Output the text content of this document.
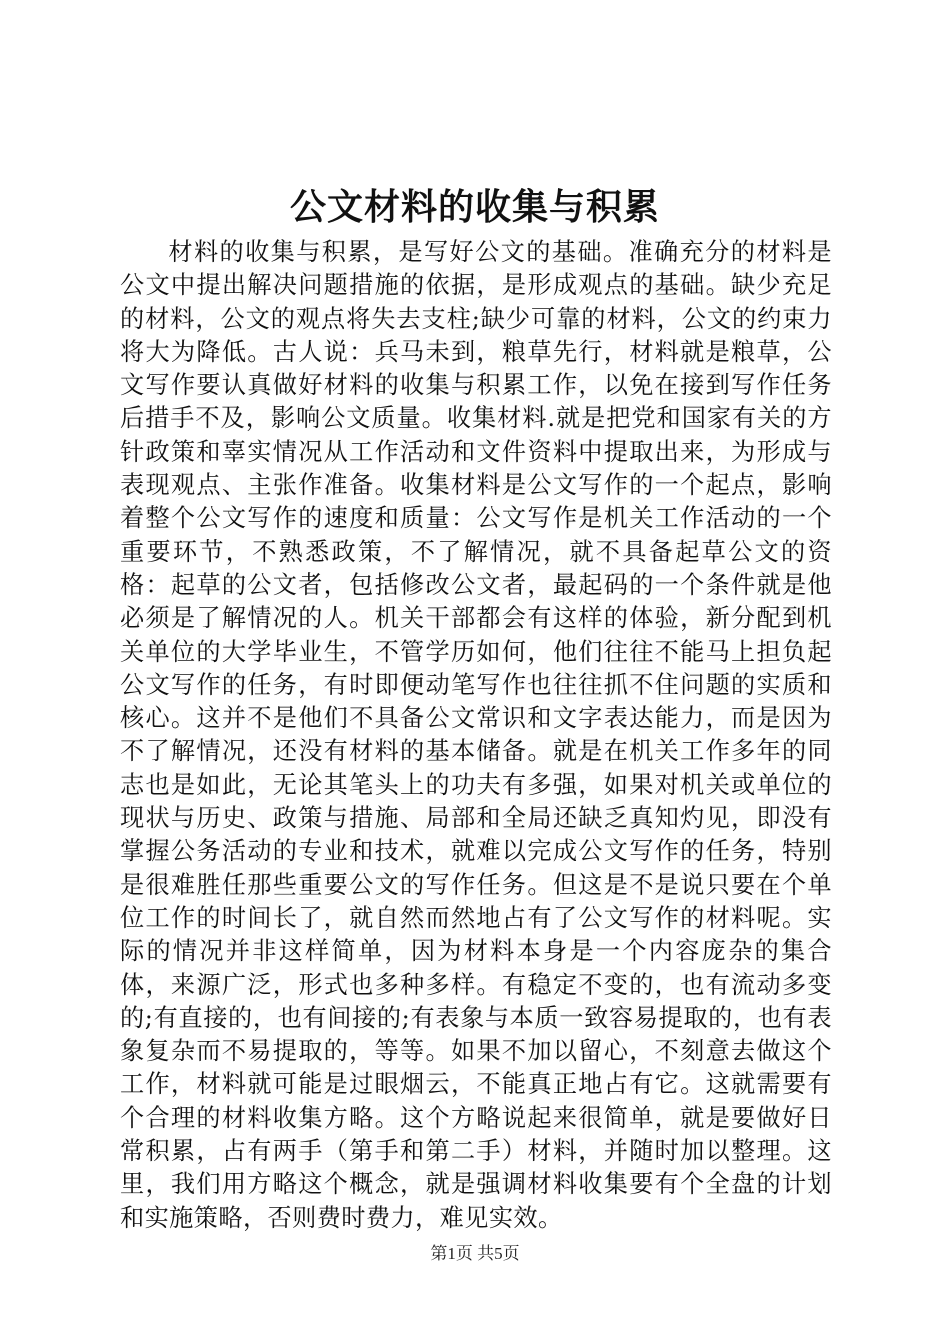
公文材料的收集与积累

材料的收集与积累，是写好公文的基础。准确充分的材料是公文中提出解决问题措施的依据，是形成观点的基础。缺少充足的材料，公文的观点将失去支柱;缺少可靠的材料，公文的约束力将大为降低。古人说：兵马未到，粮草先行，材料就是粮草，公文写作要认真做好材料的收集与积累工作，以免在接到写作任务后措手不及，影响公文质量。收集材料.就是把党和国家有关的方针政策和辜实情况从工作活动和文件资料中提取出来，为形成与表现观点、主张作准备。收集材料是公文写作的一个起点，影响着整个公文写作的速度和质量：公文写作是机关工作活动的一个重要环节，不熟悉政策，不了解情况，就不具备起草公文的资格：起草的公文者，包括修改公文者，最起码的一个条件就是他必须是了解情况的人。机关干部都会有这样的体验，新分配到机关单位的大学毕业生，不管学历如何，他们往往不能马上担负起公文写作的任务，有时即便动笔写作也往往抓不住问题的实质和核心。这并不是他们不具备公文常识和文字表达能力，而是因为不了解情况，还没有材料的基本储备。就是在机关工作多年的同志也是如此，无论其笔头上的功夫有多强，如果对机关或单位的现状与历史、政策与措施、局部和全局还缺乏真知灼见，即没有掌握公务活动的专业和技术，就难以完成公文写作的任务，特别是很难胜任那些重要公文的写作任务。但这是不是说只要在个单位工作的时间长了，就自然而然地占有了公文写作的材料呢。实际的情况并非这样简单，因为材料本身是一个内容庞杂的集合体，来源广泛，形式也多种多样。有稳定不变的，也有流动多变的;有直接的，也有间接的;有表象与本质一致容易提取的，也有表象复杂而不易提取的，等等。如果不加以留心，不刻意去做这个工作，材料就可能是过眼烟云，不能真正地占有它。这就需要有个合理的材料收集方略。这个方略说起来很简单，就是要做好日常积累，占有两手（第手和第二手）材料，并随时加以整理。这里，我们用方略这个概念，就是强调材料收集要有个全盘的计划和实施策略，否则费时费力，难见实效。

第1页 共5页
